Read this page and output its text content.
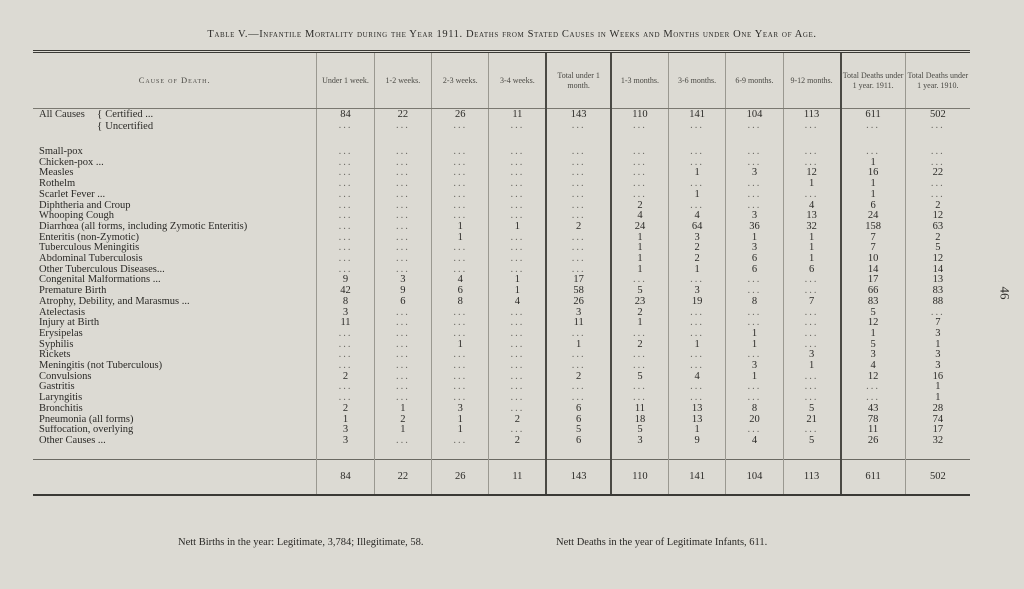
Table V.—Infantile Mortality during the Year 1911. Deaths from Stated Causes in Weeks and Months under One Year of Age.
46
Cause of Death.	Under 1 week.	1-2 weeks.	2-3 weeks.	3-4 weeks.	Total under 1 month.	1-3 months.	3-6 months.	6-9 months.	9-12 months.	Total Deaths under 1 year. 1911.	Total Deaths under 1 year. 1910.
All Causes { Certified ...	84	22	26	11	143	110	141	104	113	611	502
{ Uncertified	...	...	...	...	...	...	...	...	...	...	...

Small-pox	...	...	...	...	...	...	...	...	...	...	...
Chicken-pox ...	...	...	...	...	...	...	...	...	...	1	...
Measles	...	...	...	...	...	...	1	3	12	16	22
Rothelm	...	...	...	...	...	...	...	...	1	1	...
Scarlet Fever ...	...	...	...	...	...	...	1	...	...	1	...
Diphtheria and Croup	...	...	...	...	...	2	...	...	4	6	2
Whooping Cough	...	...	...	...	...	4	4	3	13	24	12
Diarrhœa (all forms, including Zymotic Enteritis)	...	...	1	1	2	24	64	36	32	158	63
Enteritis (non-Zymotic)	...	...	1	...	...	1	3	1	1	7	2
Tuberculous Meningitis	...	...	...	...	...	1	2	3	1	7	5
Abdominal Tuberculosis	...	...	...	...	...	1	2	6	1	10	12
Other Tuberculous Diseases...	...	...	...	...	...	1	1	6	6	14	14
Congenital Malformations ...	9	3	4	1	17	...	...	...	...	17	13
Premature Birth	42	9	6	1	58	5	3	...	...	66	83
Atrophy, Debility, and Marasmus ...	8	6	8	4	26	23	19	8	7	83	88
Atelectasis	3	...	...	...	3	2	...	...	...	5	...
Injury at Birth	11	...	...	...	11	1	...	...	...	12	7
Erysipelas	...	...	...	...	...	...	...	1	...	1	3
Syphilis	...	...	1	...	1	2	1	1	...	5	1
Rickets	...	...	...	...	...	...	...	...	3	3	3
Meningitis (not Tuberculous)	...	...	...	...	...	...	...	3	1	4	3
Convulsions	2	...	...	...	2	5	4	1	...	12	16
Gastritis	...	...	...	...	...	...	...	...	...	...	1
Laryngitis	...	...	...	...	...	...	...	...	...	...	1
Bronchitis	2	1	3	...	6	11	13	8	5	43	28
Pneumonia (all forms)	1	2	1	2	6	18	13	20	21	78	74
Suffocation, overlying	3	1	1	...	5	5	1	...	...	11	17
Other Causes ...	3	...	...	2	6	3	9	4	5	26	32

	84	22	26	11	143	110	141	104	113	611	502
Nett Births in the year: Legitimate, 3,784; Illegitimate, 58.	Nett Deaths in the year of Legitimate Infants, 611.
